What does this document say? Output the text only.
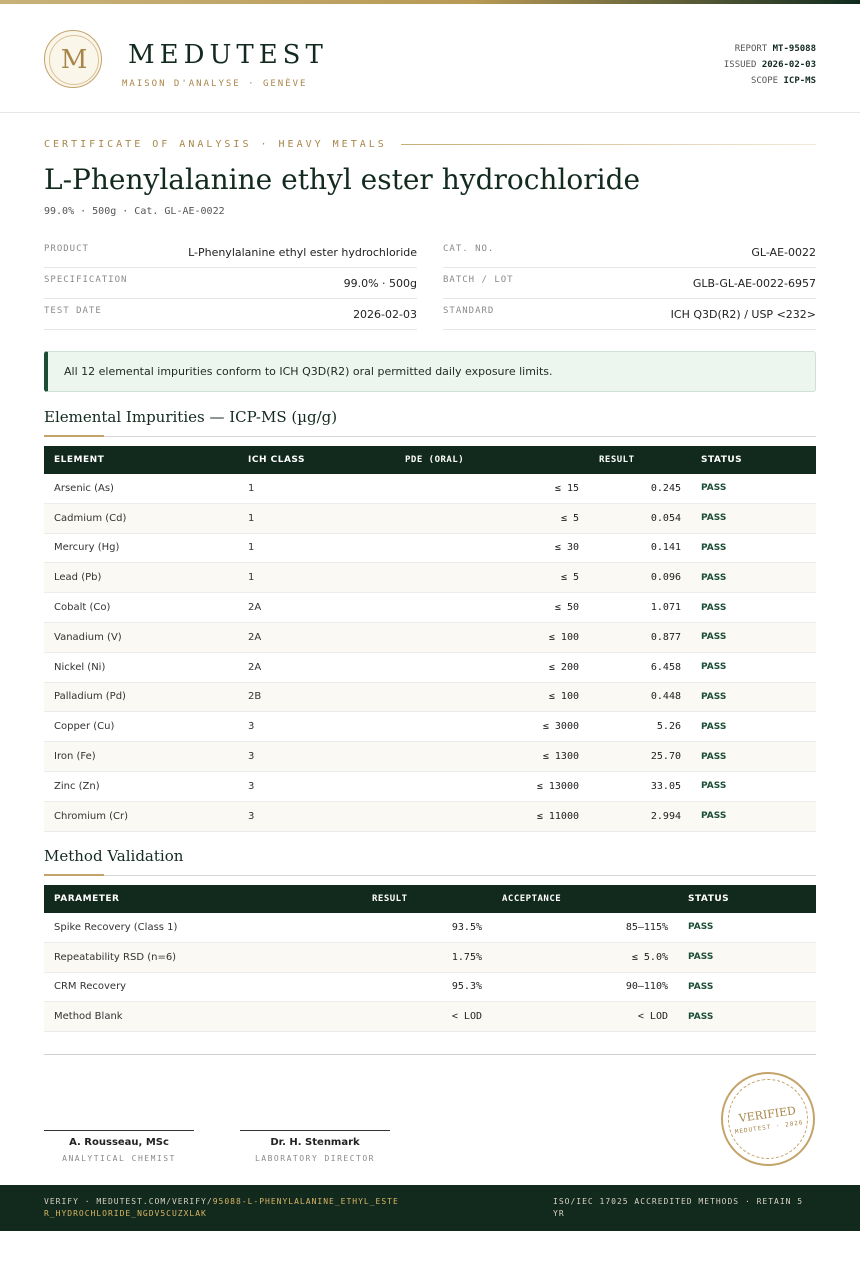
M	MEDUTEST
MAISON D'ANALYSE · GENÈVE
REPORT MT-95088
ISSUED 2026-02-03
SCOPE ICP-MS
CERTIFICATE OF ANALYSIS · HEAVY METALS
L-Phenylalanine ethyl ester hydrochloride
99.0% · 500g · Cat. GL-AE-0022
PRODUCT	L-Phenylalanine ethyl ester hydrochloride
SPECIFICATION	99.0% · 500g
TEST DATE	2026-02-03
CAT. NO.	GL-AE-0022
BATCH / LOT	GLB-GL-AE-0022-6957
STANDARD	ICH Q3D(R2) / USP <232>
All 12 elemental impurities conform to ICH Q3D(R2) oral permitted daily exposure limits.
Elemental Impurities — ICP-MS (µg/g)
ELEMENT	ICH CLASS	PDE (ORAL)	RESULT	STATUS
Arsenic (As)	1	≤ 15	0.245	PASS
Cadmium (Cd)	1	≤ 5	0.054	PASS
Mercury (Hg)	1	≤ 30	0.141	PASS
Lead (Pb)	1	≤ 5	0.096	PASS
Cobalt (Co)	2A	≤ 50	1.071	PASS
Vanadium (V)	2A	≤ 100	0.877	PASS
Nickel (Ni)	2A	≤ 200	6.458	PASS
Palladium (Pd)	2B	≤ 100	0.448	PASS
Copper (Cu)	3	≤ 3000	5.26	PASS
Iron (Fe)	3	≤ 1300	25.70	PASS
Zinc (Zn)	3	≤ 13000	33.05	PASS
Chromium (Cr)	3	≤ 11000	2.994	PASS
Method Validation
PARAMETER	RESULT	ACCEPTANCE	STATUS
Spike Recovery (Class 1)	93.5%	85–115%	PASS
Repeatability RSD (n=6)	1.75%	≤ 5.0%	PASS
CRM Recovery	95.3%	90–110%	PASS
Method Blank	< LOD	< LOD	PASS
A. Rousseau, MSc
ANALYTICAL CHEMIST
Dr. H. Stenmark
LABORATORY DIRECTOR
VERIFIED
MEDUTEST · 2026
VERIFY · MEDUTEST.COM/VERIFY/95088-L-PHENYLALANINE_ETHYL_ESTER_HYDROCHLORIDE_NGDV5CUZXLAK
ISO/IEC 17025 ACCREDITED METHODS · RETAIN 5 YR
